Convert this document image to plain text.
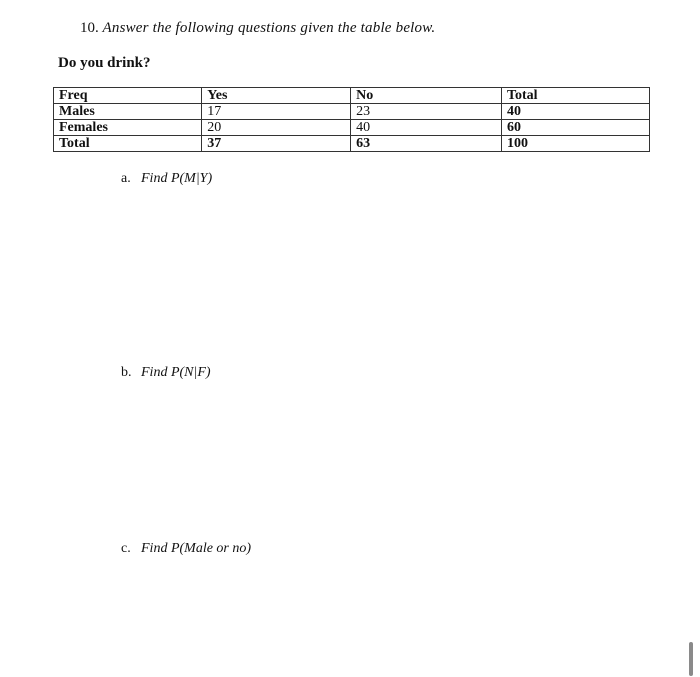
10. Answer the following questions given the table below.
Do you drink?
Freq	Yes	No	Total
Males	17	23	40
Females	20	40	60
Total	37	63	100
a. Find P(M|Y)
b. Find P(N|F)
c. Find P(Male or no)
